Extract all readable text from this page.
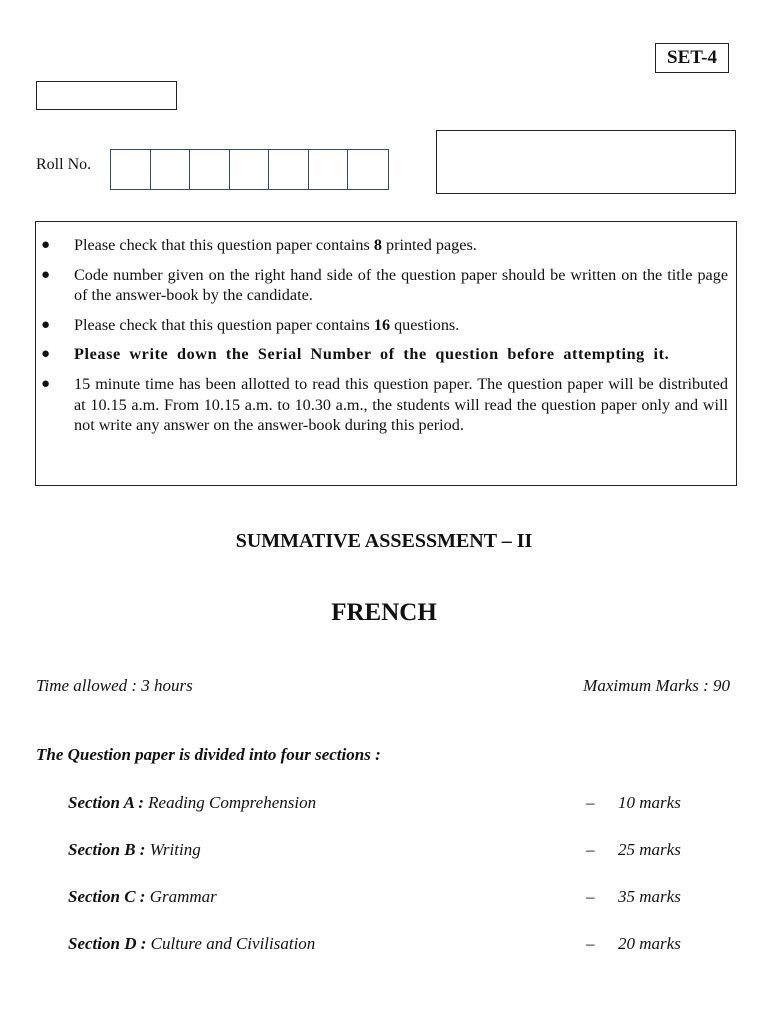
SET-4
Roll No.
● Please check that this question paper contains 8 printed pages.
● Code number given on the right hand side of the question paper should be written on the title page of the answer-book by the candidate.
● Please check that this question paper contains 16 questions.
● Please write down the Serial Number of the question before attempting it.
● 15 minute time has been allotted to read this question paper. The question paper will be distributed at 10.15 a.m. From 10.15 a.m. to 10.30 a.m., the students will read the question paper only and will not write any answer on the answer-book during this period.
SUMMATIVE ASSESSMENT – II
FRENCH
Time allowed : 3 hours	Maximum Marks : 90
The Question paper is divided into four sections :
Section A : Reading Comprehension	– 10 marks
Section B : Writing	– 25 marks
Section C : Grammar	– 35 marks
Section D : Culture and Civilisation	– 20 marks
